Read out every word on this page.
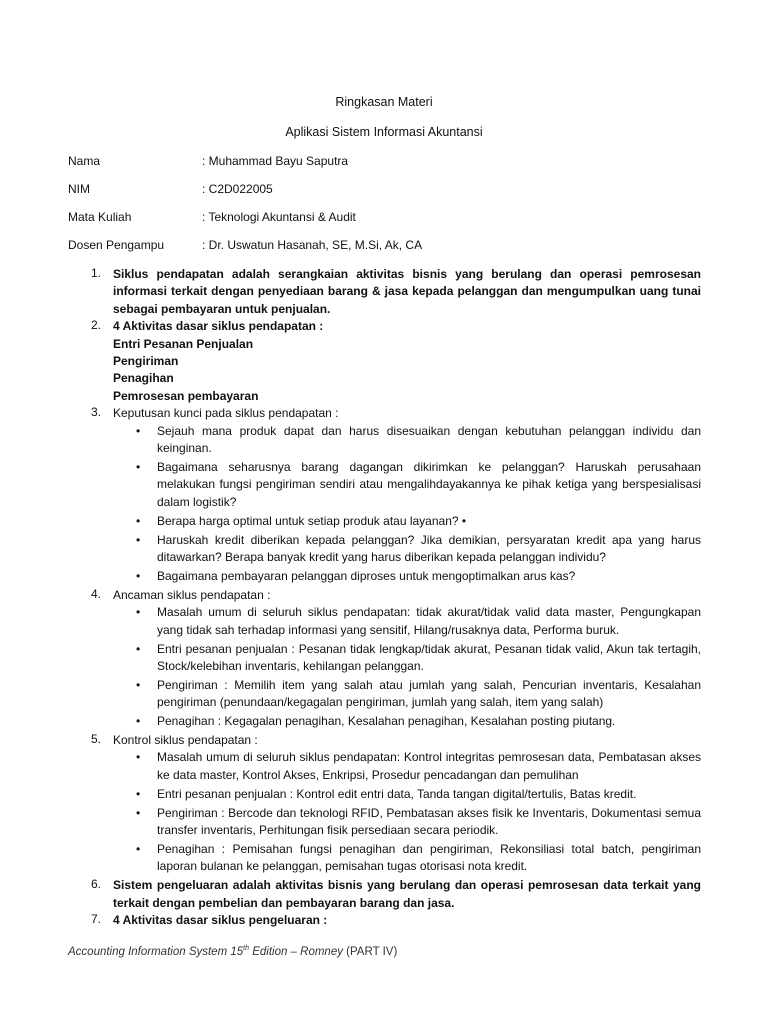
Ringkasan Materi
Aplikasi Sistem Informasi Akuntansi
Nama	: Muhammad Bayu Saputra
NIM	: C2D022005
Mata Kuliah	: Teknologi Akuntansi & Audit
Dosen Pengampu	: Dr. Uswatun Hasanah, SE, M.Si, Ak, CA
1. Siklus pendapatan adalah serangkaian aktivitas bisnis yang berulang dan operasi pemrosesan informasi terkait dengan penyediaan barang & jasa kepada pelanggan dan mengumpulkan uang tunai sebagai pembayaran untuk penjualan.
2. 4 Aktivitas dasar siklus pendapatan :
Entri Pesanan Penjualan
Pengiriman
Penagihan
Pemrosesan pembayaran
3. Keputusan kunci pada siklus pendapatan :
• Sejauh mana produk dapat dan harus disesuaikan dengan kebutuhan pelanggan individu dan keinginan.
• Bagaimana seharusnya barang dagangan dikirimkan ke pelanggan? Haruskah perusahaan melakukan fungsi pengiriman sendiri atau mengalihdayakannya ke pihak ketiga yang berspesialisasi dalam logistik?
• Berapa harga optimal untuk setiap produk atau layanan? •
• Haruskah kredit diberikan kepada pelanggan? Jika demikian, persyaratan kredit apa yang harus ditawarkan? Berapa banyak kredit yang harus diberikan kepada pelanggan individu?
• Bagaimana pembayaran pelanggan diproses untuk mengoptimalkan arus kas?
4. Ancaman siklus pendapatan :
• Masalah umum di seluruh siklus pendapatan: tidak akurat/tidak valid data master, Pengungkapan yang tidak sah terhadap informasi yang sensitif, Hilang/rusaknya data, Performa buruk.
• Entri pesanan penjualan : Pesanan tidak lengkap/tidak akurat, Pesanan tidak valid, Akun tak tertagih, Stock/kelebihan inventaris, kehilangan pelanggan.
• Pengiriman : Memilih item yang salah atau jumlah yang salah, Pencurian inventaris, Kesalahan pengiriman (penundaan/kegagalan pengiriman, jumlah yang salah, item yang salah)
• Penagihan : Kegagalan penagihan, Kesalahan penagihan, Kesalahan posting piutang.
5. Kontrol siklus pendapatan :
• Masalah umum di seluruh siklus pendapatan: Kontrol integritas pemrosesan data, Pembatasan akses ke data master, Kontrol Akses, Enkripsi, Prosedur pencadangan dan pemulihan
• Entri pesanan penjualan : Kontrol edit entri data, Tanda tangan digital/tertulis, Batas kredit.
• Pengiriman : Bercode dan teknologi RFID, Pembatasan akses fisik ke Inventaris, Dokumentasi semua transfer inventaris, Perhitungan fisik persediaan secara periodik.
• Penagihan : Pemisahan fungsi penagihan dan pengiriman, Rekonsiliasi total batch, pengiriman laporan bulanan ke pelanggan, pemisahan tugas otorisasi nota kredit.
6. Sistem pengeluaran adalah aktivitas bisnis yang berulang dan operasi pemrosesan data terkait yang terkait dengan pembelian dan pembayaran barang dan jasa.
7. 4 Aktivitas dasar siklus pengeluaran :
Accounting Information System 15th Edition – Romney (PART IV)
